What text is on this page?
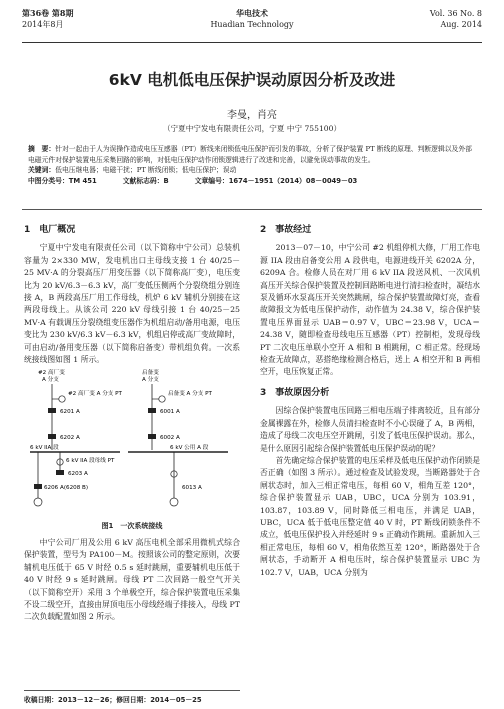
第36卷 第8期
2014年8月
华电技术
Huadian Technology
Vol. 36 No. 8
Aug. 2014
6kV 电机低电压保护误动原因分析及改进
李曼，肖亮
（宁夏中宁发电有限责任公司，宁夏 中宁 755100）

摘　要：针对一起由于人为误操作造成电压互感器（PT）断线来闭锁低电压保护而引发的事故，分析了保护装置 PT 断线的原理、判断逻辑以及外部电磁元件对保护装置电压采集回路的影响，对低电压保护动作闭锁逻辑进行了改进和完善，以避免误动事故的发生。

关键词：低电压继电器；电磁干扰；PT 断线闭锁；低电压保护；误动

中图分类号：TM 451	文献标志码：B	文章编号：1674－1951（2014）08－0049－03

1　电厂概况

宁夏中宁发电有限责任公司（以下简称中宁公司）总装机容量为 2×330 MW，发电机出口主母线支接 1 台 40/25－25 MV·A 的分裂高压厂用变压器（以下简称高厂变），电压变比为 20 kV/6.3－6.3 kV，高厂变低压侧两个分裂绕组分别连接 A，B 两段高压厂用工作母线，机炉 6 kV 辅机分别接在这两段母线上。从该公司 220 kV 母线引接 1 台 40/25－25 MV·A 有载调压分裂绕组变压器作为机组启动/备用电源，电压变比为 230 kV/6.3 kV－6.3 kV，机组启停或高厂变故障时，可由启动/备用变压器（以下简称启备变）带机组负荷。一次系统接线图如图 1 所示。

#2 高厂变
A 分支
启备变
A 分支
#2 高厂变 A 分支 PT
6201 A
6202 A
启备变 A 分支 PT
6001 A
6002 A
6 kV IIA 段	6 kV 公用 A 段
6 kV IIA 段母线 PT
6203 A
6206 A(6208 B)	6013 A
图1　一次系统接线

中宁公司厂用及公用 6 kV 高压电机全部采用微机式综合保护装置，型号为 PA100－M。按照该公司的整定原则，次要辅机电压低于 65 V 时经 0.5 s 延时跳闸，重要辅机电压低于 40 V 时经 9 s 延时跳闸。母线 PT 二次回路一般空气开关（以下简称空开）采用 3 个单极空开，综合保护装置电压采集不设二级空开，直接由屏顶电压小母线经端子排接入，母线 PT 二次负载配置如图 2 所示。

收稿日期：2013－12－26；修回日期：2014－05－25
2　事故经过

2013－07－10，中宁公司 #2 机组停机大修，厂用工作电源 IIA 段由启备变公用 A 段供电，电源进线开关 6202A 分，6209A 合。检修人员在对厂用 6 kV IIA 段送风机、一次风机高压开关综合保护装置及控制回路断电进行清扫检查时，凝结水泵及循环水泵高压开关突然跳闸，综合保护装置故障灯亮，查看故障报文为低电压保护动作，动作值为 24.38 V，综合保护装置电压界面显示 UAB＝0.97 V，UBC＝23.98 V，UCA＝24.38 V，随即检查母线电压互感器（PT）控制柜，发现母线 PT 二次电压单联小空开 A 相和 B 相跳闸，C 相正常。经现场检查无故障点，恶搭绝缘检测合格后，送上 A 相空开和 B 两相空开，电压恢复正常。

3　事故原因分析

因综合保护装置电压回路三相电压端子排离较近，且有部分金属裸露在外，检修人员清扫检查时不小心误碰了 A，B 两相，造成了母线二次电压空开跳闸，引发了低电压保护误动。那么，是什么原因引起综合保护装置低电压保护误动的呢？

首先确定综合保护装置的电压采样及低电压保护动作闭锁是否正确（如图 3 所示）。通过检查及试验发现，当断路器处于合闸状态时，加入三相正常电压，每相 60 V，相角互差 120°，综合保护装置显示 UAB，UBC，UCA 分别为 103.91，103.87，103.89 V，同时降低三相电压，并满足 UAB，UBC，UCA 低于低电压整定值 40 V 时，PT 断线闭锁条件不成立，低电压保护投入并经延时 9 s 正确动作跳闸。重新加入三相正常电压，每相 60 V，相角依然互差 120°，断路器处于合闸状态，手动断开 A 相电压时，综合保护装置显示 UBC 为 102.7 V，UAB，UCA 分别为
